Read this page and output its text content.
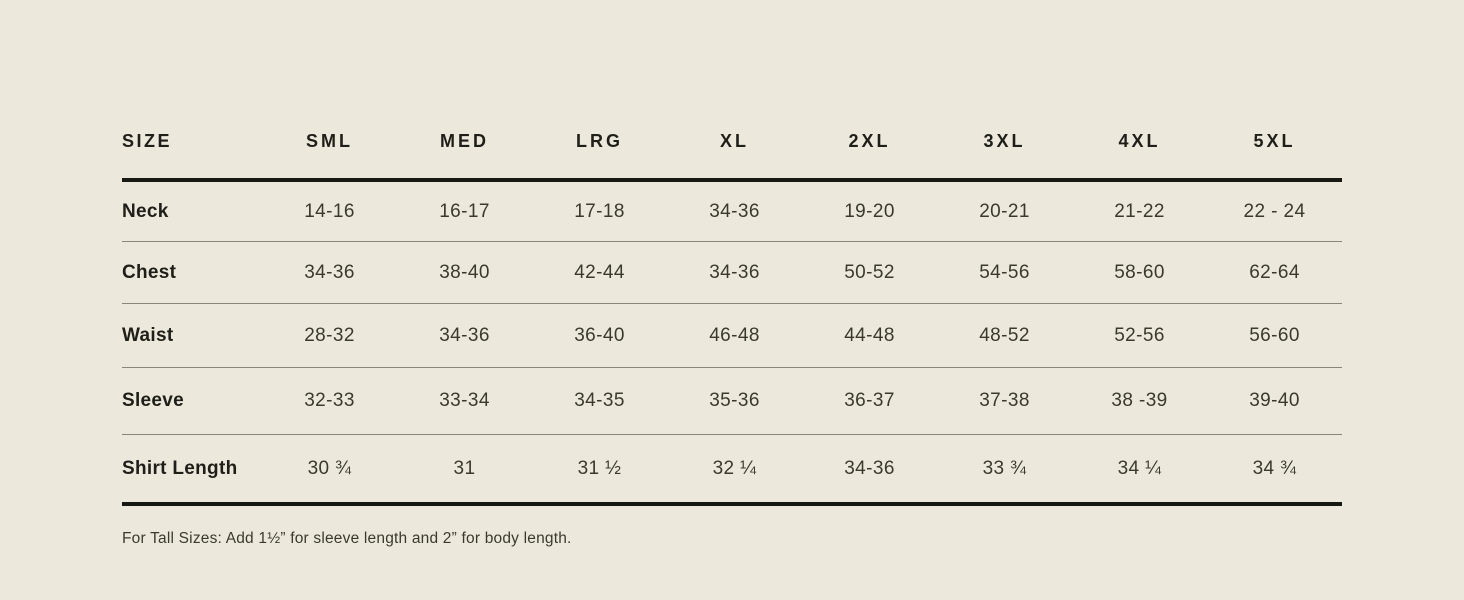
SIZE	SML	MED	LRG	XL	2XL	3XL	4XL	5XL
Neck	14-16	16-17	17-18	34-36	19-20	20-21	21-22	22 - 24
Chest	34-36	38-40	42-44	34-36	50-52	54-56	58-60	62-64
Waist	28-32	34-36	36-40	46-48	44-48	48-52	52-56	56-60
Sleeve	32-33	33-34	34-35	35-36	36-37	37-38	38 -39	39-40
Shirt Length	30 ¾	31	31 ½	32 ¼	34-36	33 ¾	34 ¼	34 ¾
For Tall Sizes: Add 1½” for sleeve length and 2” for body length.
